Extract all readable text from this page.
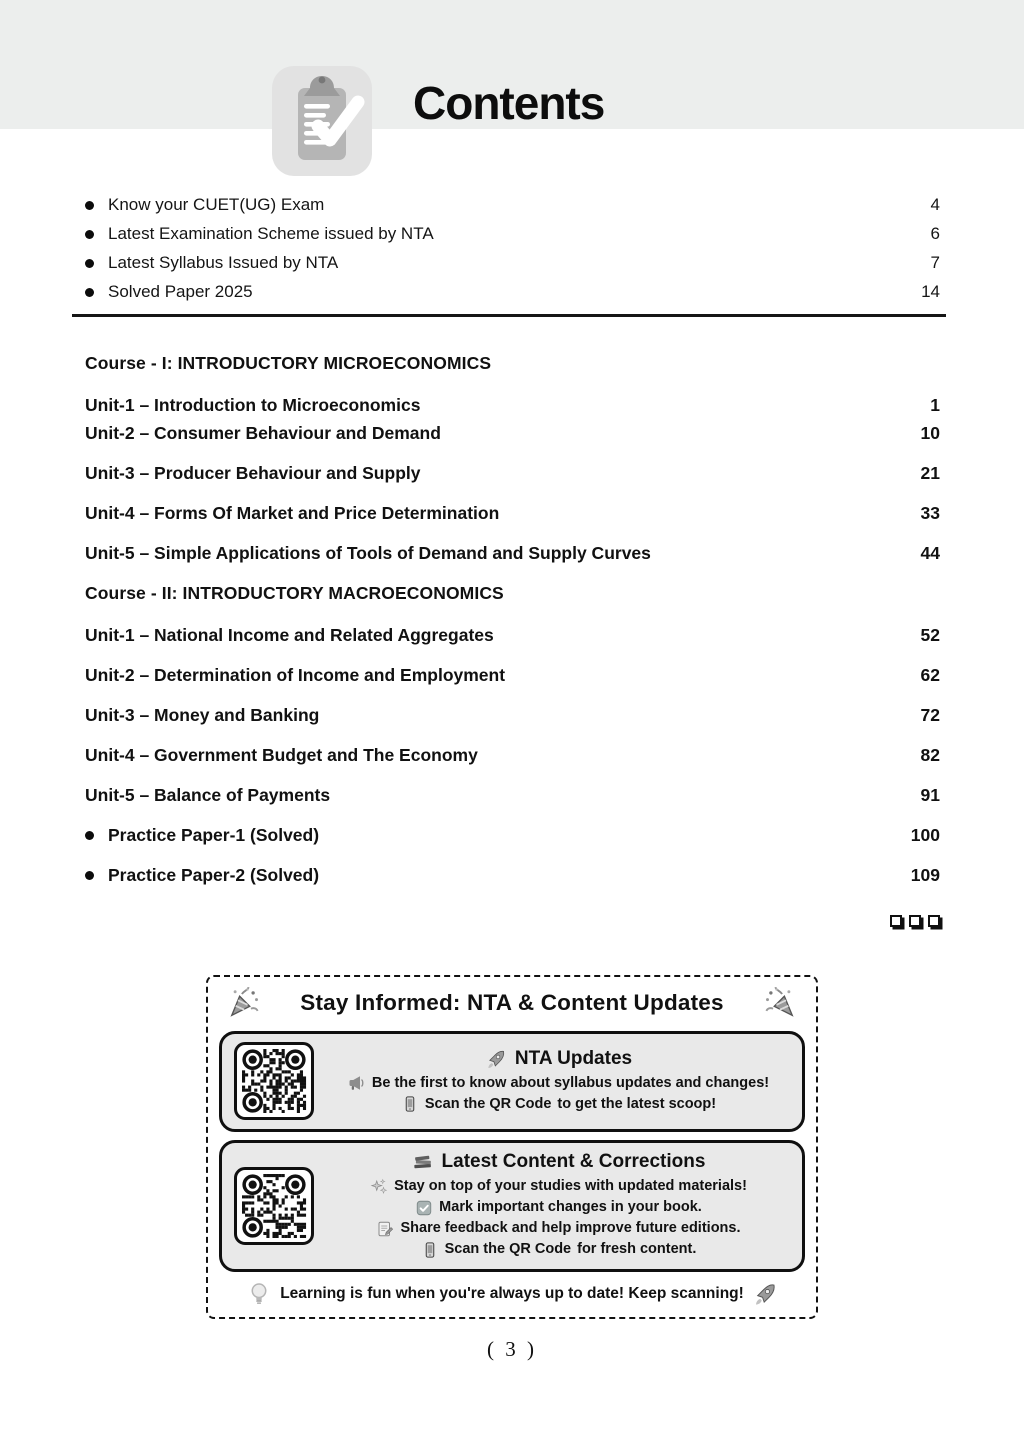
Contents
Know your CUET(UG) Exam	4
Latest Examination Scheme issued by NTA	6
Latest Syllabus Issued by NTA	7
Solved Paper 2025	14
Course - I: INTRODUCTORY MICROECONOMICS
Unit-1 – Introduction to Microeconomics	1
Unit-2 – Consumer Behaviour and Demand	10
Unit-3 – Producer Behaviour and Supply	21
Unit-4 – Forms Of Market and Price Determination	33
Unit-5 – Simple Applications of Tools of Demand and Supply Curves	44
Course - II: INTRODUCTORY MACROECONOMICS
Unit-1 – National Income and Related Aggregates	52
Unit-2 – Determination of Income and Employment	62
Unit-3 – Money and Banking	72
Unit-4 – Government Budget and The Economy	82
Unit-5 – Balance of Payments	91
Practice Paper-1 (Solved)	100
Practice Paper-2 (Solved)	109
Stay Informed: NTA & Content Updates
NTA Updates
Be the first to know about syllabus updates and changes!
Scan the QR Code to get the latest scoop!
Latest Content & Corrections
Stay on top of your studies with updated materials!
Mark important changes in your book.
Share feedback and help improve future editions.
Scan the QR Code for fresh content.
Learning is fun when you're always up to date! Keep scanning!
( 3 )
